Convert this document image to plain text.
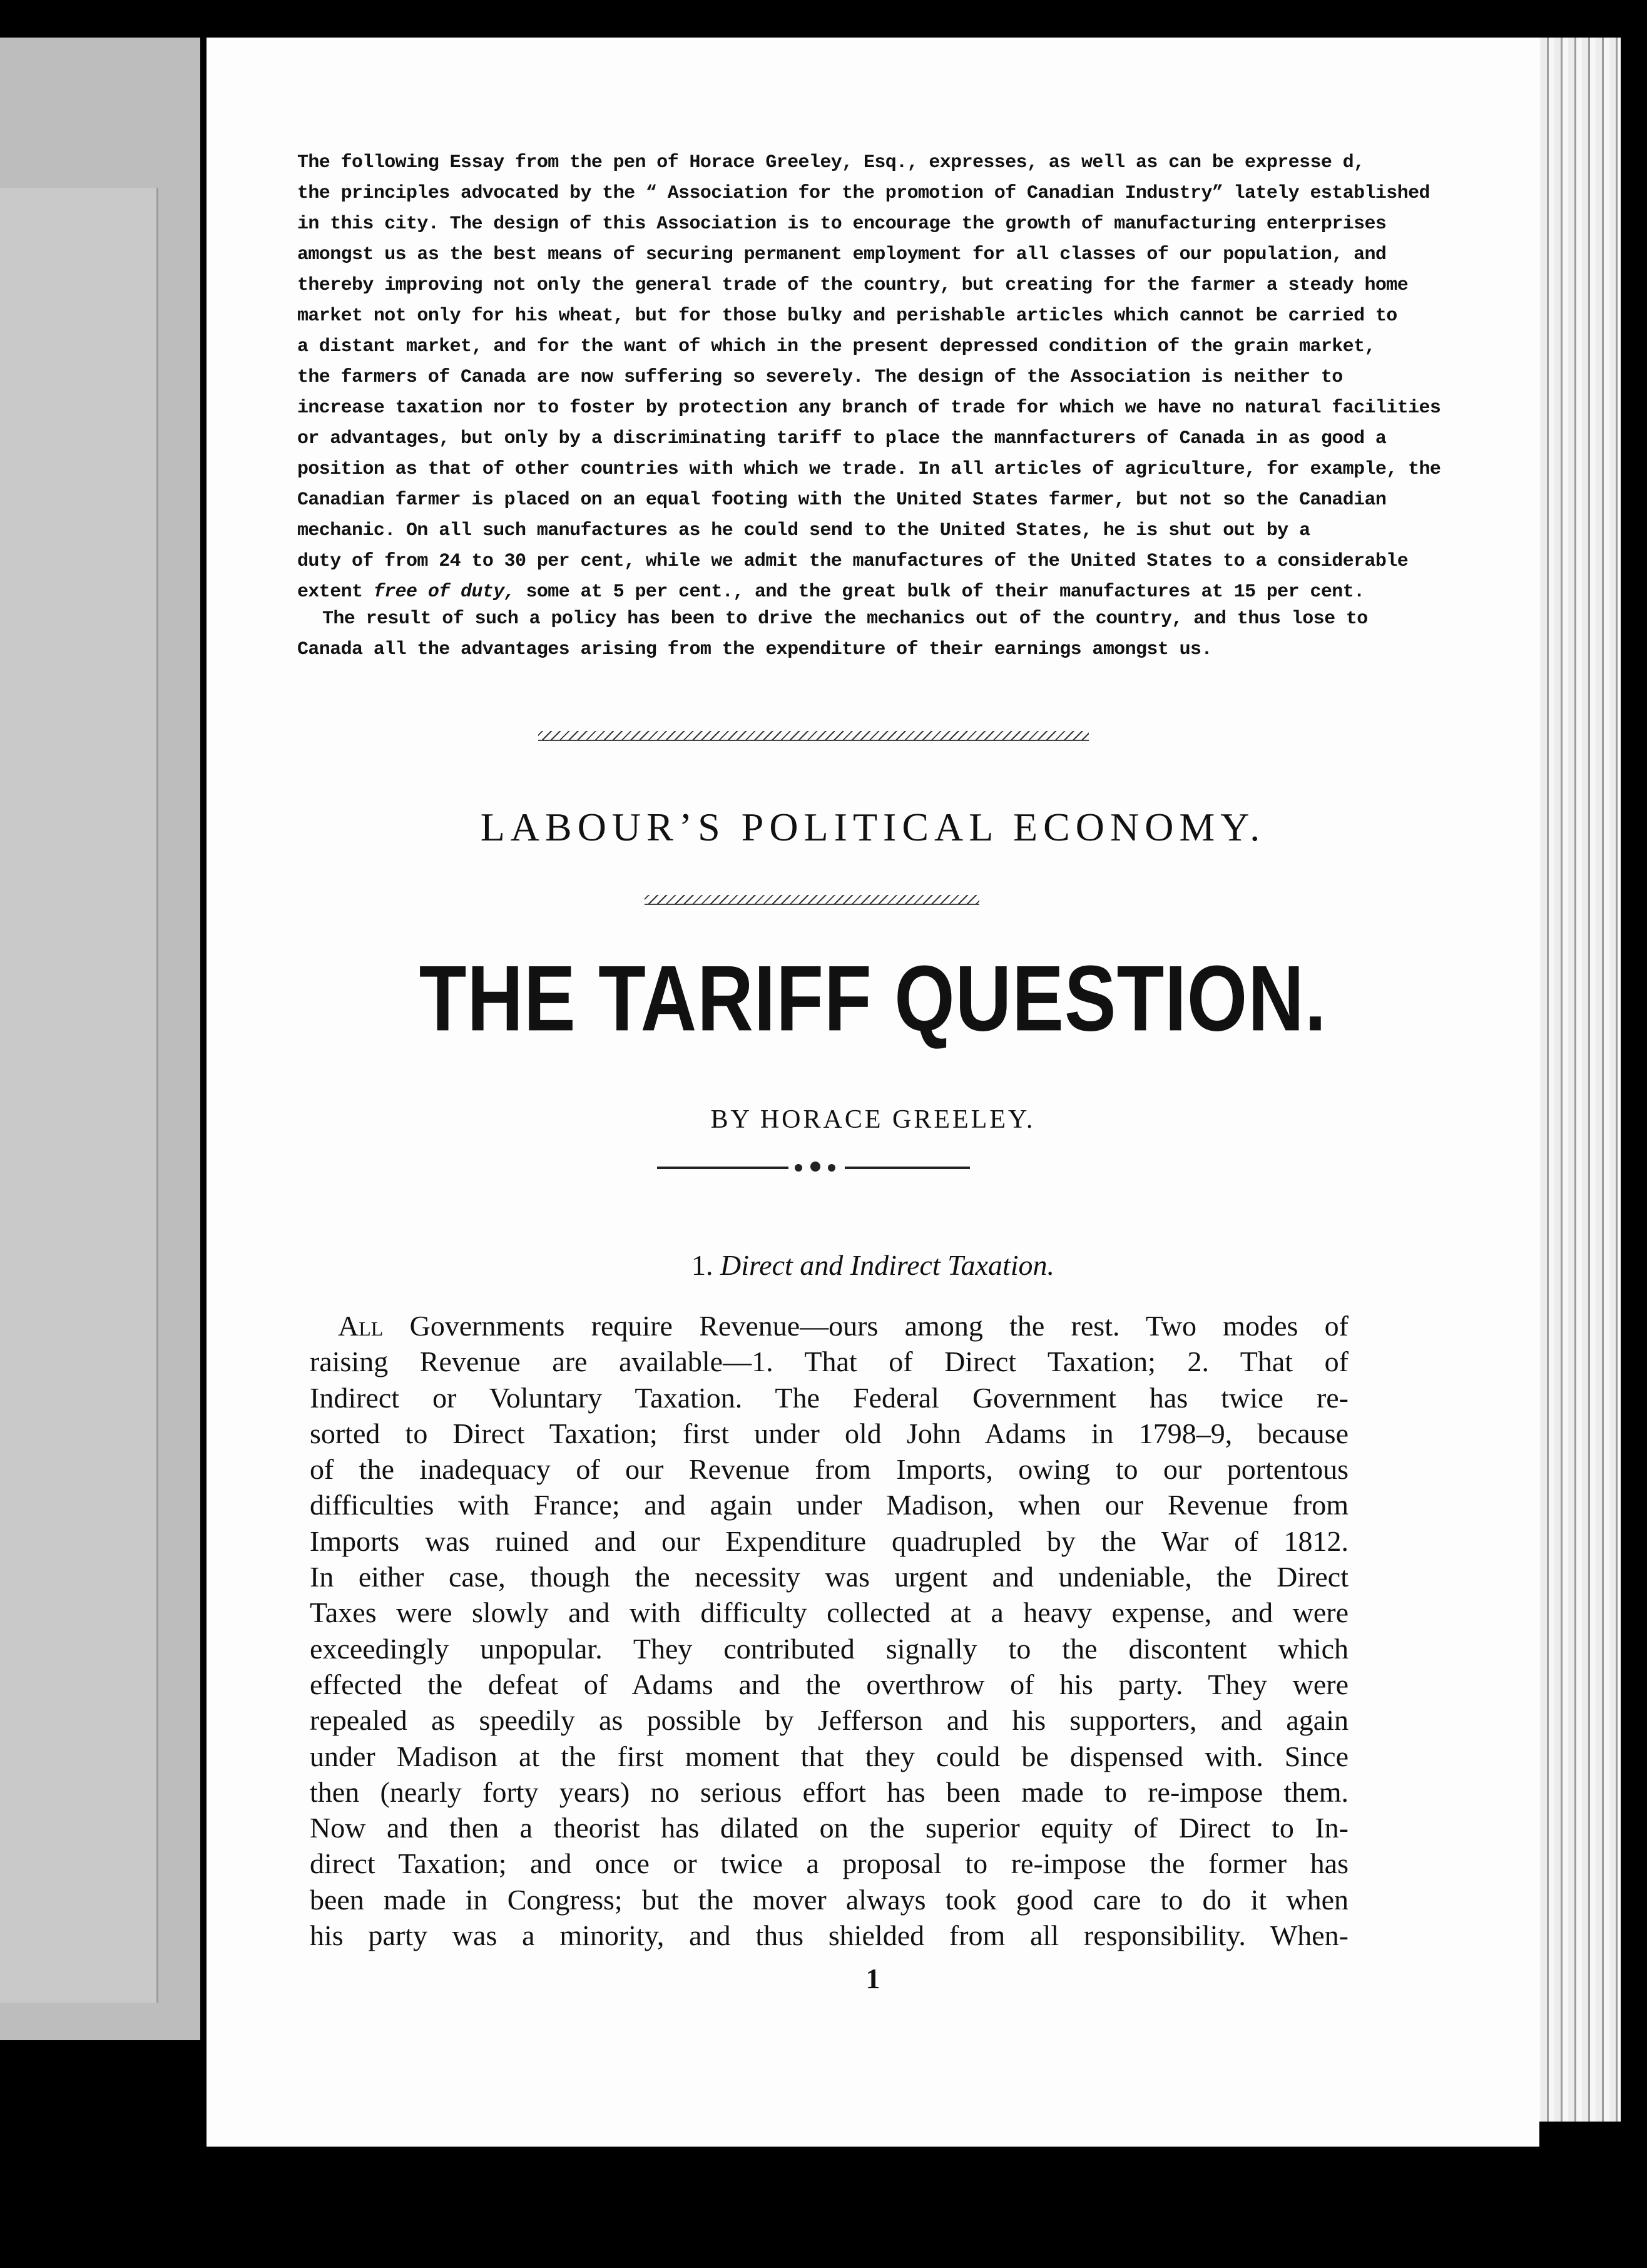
The following Essay from the pen of Horace Greeley, Esq., expresses, as well as can be expresse d,
the principles advocated by the “ Association for the promotion of Canadian Industry” lately established
in this city. The design of this Association is to encourage the growth of manufacturing enterprises
amongst us as the best means of securing permanent employment for all classes of our population, and
thereby improving not only the general trade of the country, but creating for the farmer a steady home
market not only for his wheat, but for those bulky and perishable articles which cannot be carried to
a distant market, and for the want of which in the present depressed condition of the grain market,
the farmers of Canada are now suffering so severely. The design of the Association is neither to
increase taxation nor to foster by protection any branch of trade for which we have no natural facilities
or advantages, but only by a discriminating tariff to place the mannfacturers of Canada in as good a
position as that of other countries with which we trade. In all articles of agriculture, for example, the
Canadian farmer is placed on an equal footing with the United States farmer, but not so the Canadian
mechanic. On all such manufactures as he could send to the United States, he is shut out by a
duty of from 24 to 30 per cent, while we admit the manufactures of the United States to a considerable
extent free of duty, some at 5 per cent., and the great bulk of their manufactures at 15 per cent.
The result of such a policy has been to drive the mechanics out of the country, and thus lose to
Canada all the advantages arising from the expenditure of their earnings amongst us.
LABOUR’S POLITICAL ECONOMY.
THE TARIFF QUESTION.
BY HORACE GREELEY.
1. Direct and Indirect Taxation.
All Governments require Revenue—ours among the rest. Two modes of
raising Revenue are available—1. That of Direct Taxation; 2. That of
Indirect or Voluntary Taxation. The Federal Government has twice re-
sorted to Direct Taxation; first under old John Adams in 1798–9, because
of the inadequacy of our Revenue from Imports, owing to our portentous
difficulties with France; and again under Madison, when our Revenue from
Imports was ruined and our Expenditure quadrupled by the War of 1812.
In either case, though the necessity was urgent and undeniable, the Direct
Taxes were slowly and with difficulty collected at a heavy expense, and were
exceedingly unpopular. They contributed signally to the discontent which
effected the defeat of Adams and the overthrow of his party. They were
repealed as speedily as possible by Jefferson and his supporters, and again
under Madison at the first moment that they could be dispensed with. Since
then (nearly forty years) no serious effort has been made to re-impose them.
Now and then a theorist has dilated on the superior equity of Direct to In-
direct Taxation; and once or twice a proposal to re-impose the former has
been made in Congress; but the mover always took good care to do it when
his party was a minority, and thus shielded from all responsibility. When-
1
